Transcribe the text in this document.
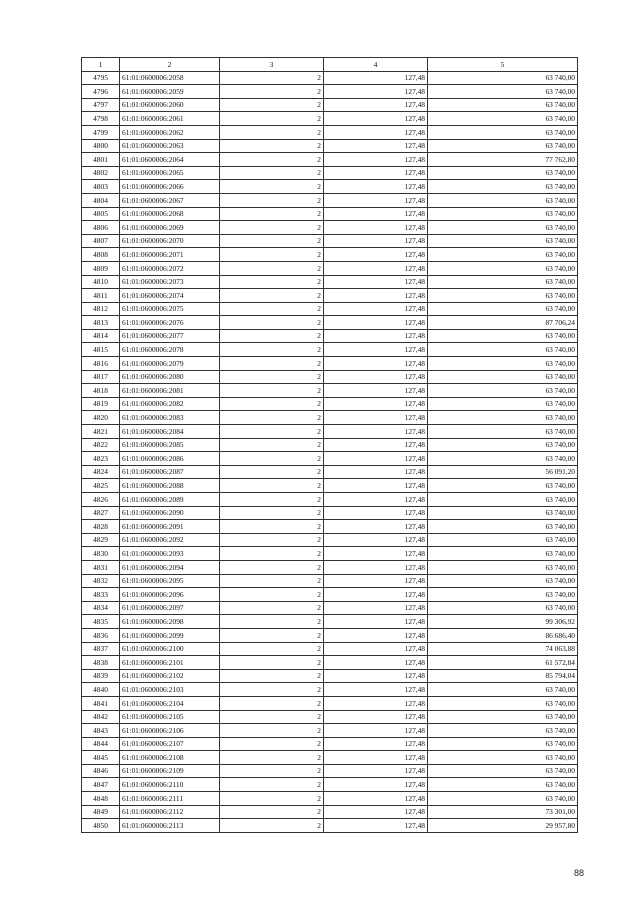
1	2	3	4	5
4795	61:01:0600006:2058	2	127,48	63 740,00
4796	61:01:0600006:2059	2	127,48	63 740,00
4797	61:01:0600006:2060	2	127,48	63 740,00
4798	61:01:0600006:2061	2	127,48	63 740,00
4799	61:01:0600006:2062	2	127,48	63 740,00
4800	61:01:0600006:2063	2	127,48	63 740,00
4801	61:01:0600006:2064	2	127,48	77 762,80
4802	61:01:0600006:2065	2	127,48	63 740,00
4803	61:01:0600006:2066	2	127,48	63 740,00
4804	61:01:0600006:2067	2	127,48	63 740,00
4805	61:01:0600006:2068	2	127,48	63 740,00
4806	61:01:0600006:2069	2	127,48	63 740,00
4807	61:01:0600006:2070	2	127,48	63 740,00
4808	61:01:0600006:2071	2	127,48	63 740,00
4809	61:01:0600006:2072	2	127,48	63 740,00
4810	61:01:0600006:2073	2	127,48	63 740,00
4811	61:01:0600006:2074	2	127,48	63 740,00
4812	61:01:0600006:2075	2	127,48	63 740,00
4813	61:01:0600006:2076	2	127,48	87 706,24
4814	61:01:0600006:2077	2	127,48	63 740,00
4815	61:01:0600006:2078	2	127,48	63 740,00
4816	61:01:0600006:2079	2	127,48	63 740,00
4817	61:01:0600006:2080	2	127,48	63 740,00
4818	61:01:0600006:2081	2	127,48	63 740,00
4819	61:01:0600006:2082	2	127,48	63 740,00
4820	61:01:0600006:2083	2	127,48	63 740,00
4821	61:01:0600006:2084	2	127,48	63 740,00
4822	61:01:0600006:2085	2	127,48	63 740,00
4823	61:01:0600006:2086	2	127,48	63 740,00
4824	61:01:0600006:2087	2	127,48	56 091,20
4825	61:01:0600006:2088	2	127,48	63 740,00
4826	61:01:0600006:2089	2	127,48	63 740,00
4827	61:01:0600006:2090	2	127,48	63 740,00
4828	61:01:0600006:2091	2	127,48	63 740,00
4829	61:01:0600006:2092	2	127,48	63 740,00
4830	61:01:0600006:2093	2	127,48	63 740,00
4831	61:01:0600006:2094	2	127,48	63 740,00
4832	61:01:0600006:2095	2	127,48	63 740,00
4833	61:01:0600006:2096	2	127,48	63 740,00
4834	61:01:0600006:2097	2	127,48	63 740,00
4835	61:01:0600006:2098	2	127,48	99 306,92
4836	61:01:0600006:2099	2	127,48	86 686,40
4837	61:01:0600006:2100	2	127,48	74 063,88
4838	61:01:0600006:2101	2	127,48	61 572,84
4839	61:01:0600006:2102	2	127,48	85 794,04
4840	61:01:0600006:2103	2	127,48	63 740,00
4841	61:01:0600006:2104	2	127,48	63 740,00
4842	61:01:0600006:2105	2	127,48	63 740,00
4843	61:01:0600006:2106	2	127,48	63 740,00
4844	61:01:0600006:2107	2	127,48	63 740,00
4845	61:01:0600006:2108	2	127,48	63 740,00
4846	61:01:0600006:2109	2	127,48	63 740,00
4847	61:01:0600006:2110	2	127,48	63 740,00
4848	61:01:0600006:2111	2	127,48	63 740,00
4849	61:01:0600006:2112	2	127,48	73 301,00
4850	61:01:0600006:2113	2	127,48	29 957,80
88
